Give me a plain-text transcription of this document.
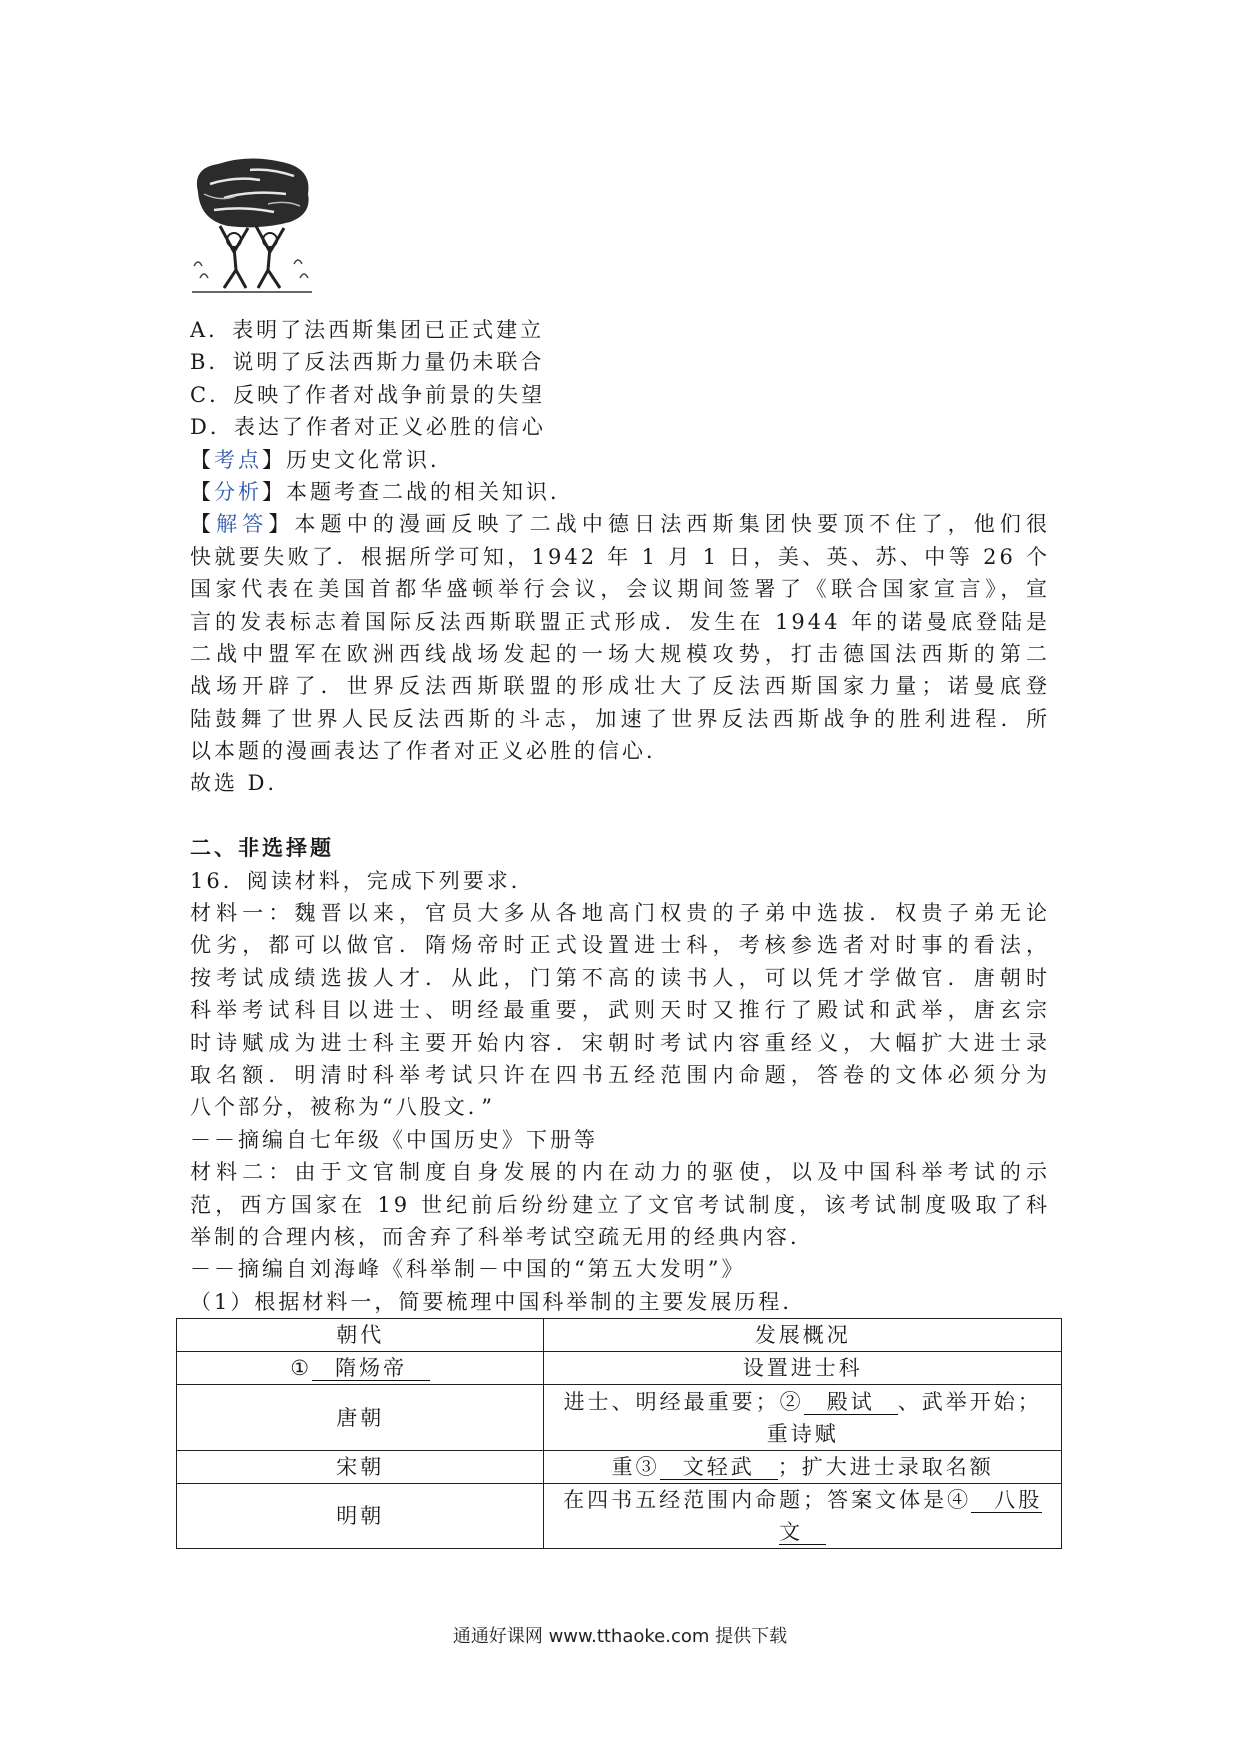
A．表明了法西斯集团已正式建立
B．说明了反法西斯力量仍未联合
C．反映了作者对战争前景的失望
D．表达了作者对正义必胜的信心
【考点】历史文化常识．
【分析】本题考查二战的相关知识．
【解答】本题中的漫画反映了二战中德日法西斯集团快要顶不住了，他们很
快就要失败了．根据所学可知，1942 年 1 月 1 日，美、英、苏、中等 26 个
国家代表在美国首都华盛顿举行会议，会议期间签署了《联合国家宣言》，宣
言的发表标志着国际反法西斯联盟正式形成．发生在 1944 年的诺曼底登陆是
二战中盟军在欧洲西线战场发起的一场大规模攻势，打击德国法西斯的第二
战场开辟了．世界反法西斯联盟的形成壮大了反法西斯国家力量；诺曼底登
陆鼓舞了世界人民反法西斯的斗志，加速了世界反法西斯战争的胜利进程．所
以本题的漫画表达了作者对正义必胜的信心．
故选 D．
二、非选择题
16．阅读材料，完成下列要求．
材料一：魏晋以来，官员大多从各地高门权贵的子弟中选拔．权贵子弟无论
优劣，都可以做官．隋炀帝时正式设置进士科，考核参选者对时事的看法，
按考试成绩选拔人才．从此，门第不高的读书人，可以凭才学做官．唐朝时
科举考试科目以进士、明经最重要，武则天时又推行了殿试和武举，唐玄宗
时诗赋成为进士科主要开始内容．宋朝时考试内容重经义，大幅扩大进士录
取名额．明清时科举考试只许在四书五经范围内命题，答卷的文体必须分为
八个部分，被称为“八股文．”
－－摘编自七年级《中国历史》下册等
材料二：由于文官制度自身发展的内在动力的驱使，以及中国科举考试的示
范，西方国家在 19 世纪前后纷纷建立了文官考试制度，该考试制度吸取了科
举制的合理内核，而舍弃了科举考试空疏无用的经典内容．
－－摘编自刘海峰《科举制－中国的“第五大发明”》
（1）根据材料一，简要梳理中国科举制的主要发展历程．
朝代	发展概况
① 隋炀帝	设置进士科
唐朝	进士、明经最重要；② 殿试 、武举开始；重诗赋
宋朝	重③ 文轻武 ；扩大进士录取名额
明朝	在四书五经范围内命题；答案文体是④ 八股文
通通好课网 www.tthaoke.com 提供下载
